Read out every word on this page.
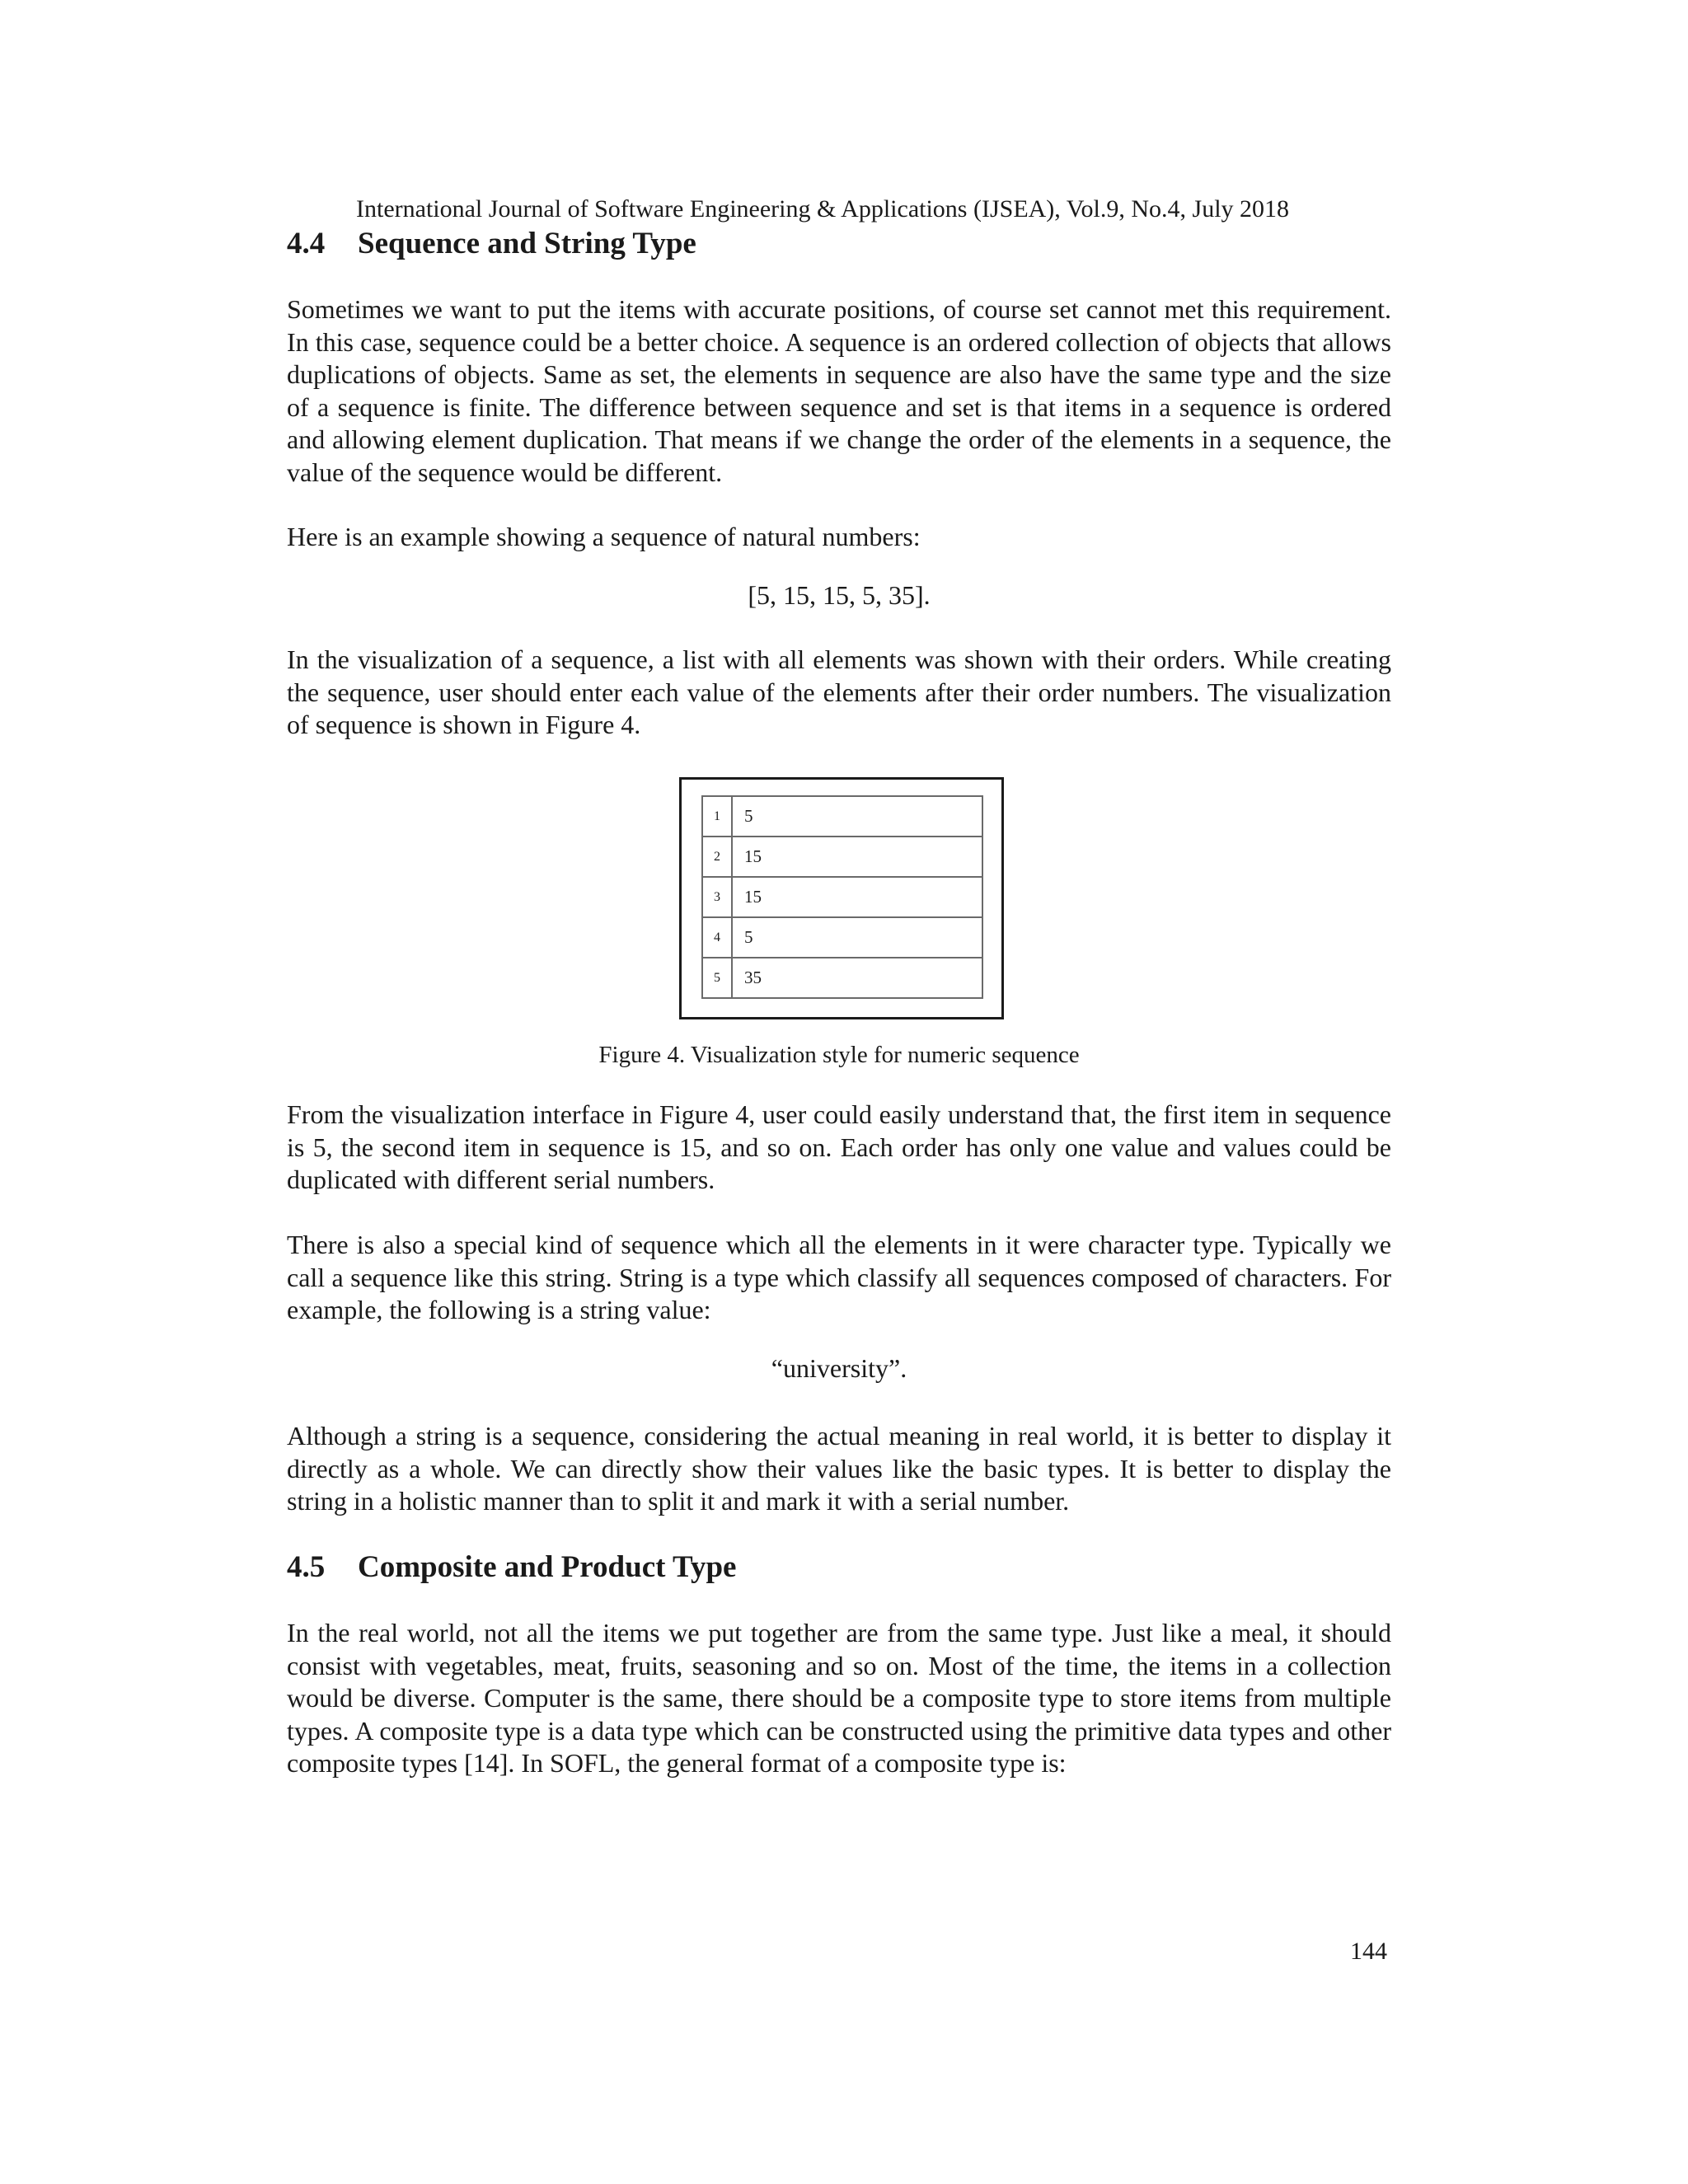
International Journal of Software Engineering & Applications (IJSEA), Vol.9, No.4, July 2018
4.4 Sequence and String Type

Sometimes we want to put the items with accurate positions, of course set cannot met this requirement. In this case, sequence could be a better choice. A sequence is an ordered collection of objects that allows duplications of objects. Same as set, the elements in sequence are also have the same type and the size of a sequence is finite. The difference between sequence and set is that items in a sequence is ordered and allowing element duplication. That means if we change the order of the elements in a sequence, the value of the sequence would be different.

Here is an example showing a sequence of natural numbers:

[5, 15, 15, 5, 35].

In the visualization of a sequence, a list with all elements was shown with their orders. While creating the sequence, user should enter each value of the elements after their order numbers. The visualization of sequence is shown in Figure 4.

1	5
2	15
3	15
4	5
5	35
Figure 4. Visualization style for numeric sequence

From the visualization interface in Figure 4, user could easily understand that, the first item in sequence is 5, the second item in sequence is 15, and so on. Each order has only one value and values could be duplicated with different serial numbers.

There is also a special kind of sequence which all the elements in it were character type. Typically we call a sequence like this string. String is a type which classify all sequences composed of characters. For example, the following is a string value:

“university”.

Although a string is a sequence, considering the actual meaning in real world, it is better to display it directly as a whole. We can directly show their values like the basic types. It is better to display the string in a holistic manner than to split it and mark it with a serial number.

4.5 Composite and Product Type

In the real world, not all the items we put together are from the same type. Just like a meal, it should consist with vegetables, meat, fruits, seasoning and so on. Most of the time, the items in a collection would be diverse. Computer is the same, there should be a composite type to store items from multiple types. A composite type is a data type which can be constructed using the primitive data types and other composite types [14]. In SOFL, the general format of a composite type is:

144
